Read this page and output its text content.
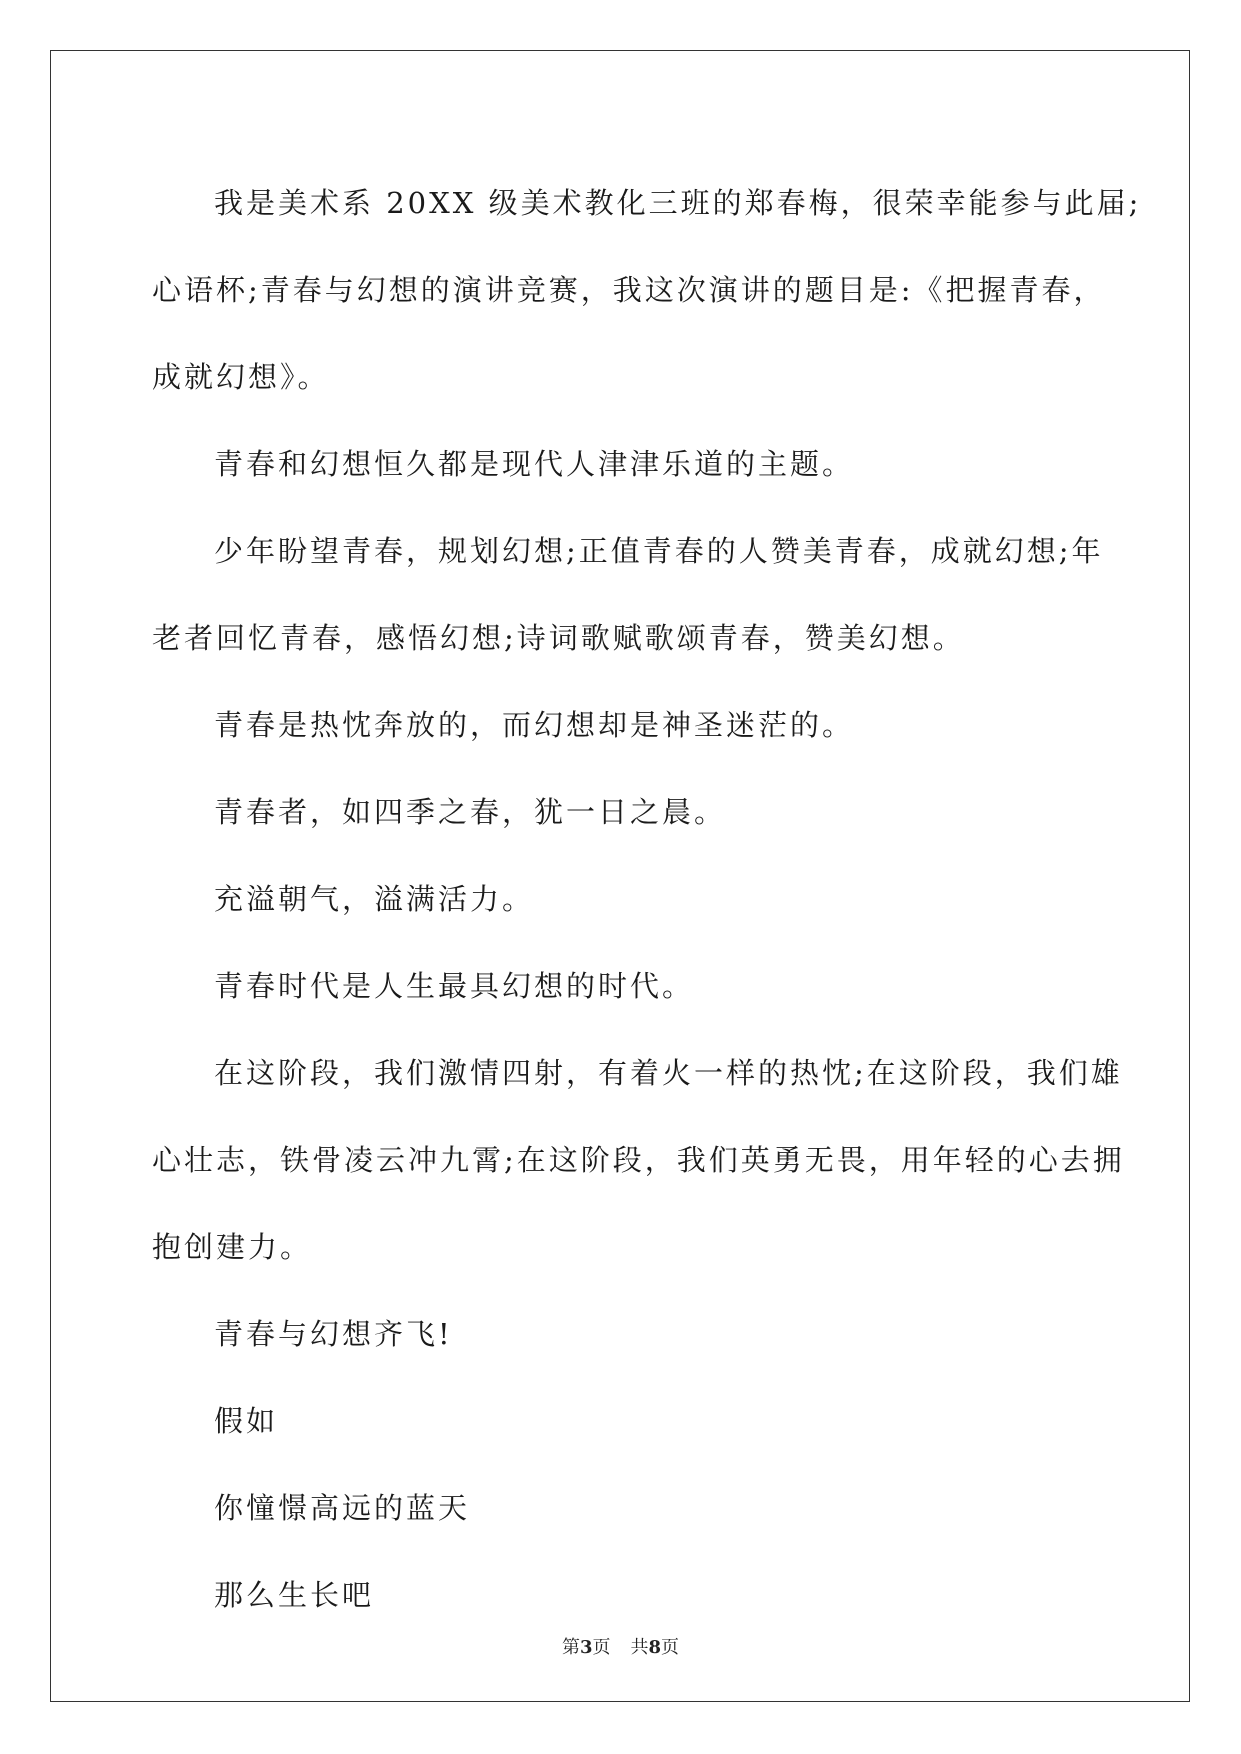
我是美术系 20XX 级美术教化三班的郑春梅，很荣幸能参与此届;
心语杯;青春与幻想的演讲竞赛，我这次演讲的题目是:《把握青春，
成就幻想》。
青春和幻想恒久都是现代人津津乐道的主题。
少年盼望青春，规划幻想;正值青春的人赞美青春，成就幻想;年
老者回忆青春，感悟幻想;诗词歌赋歌颂青春，赞美幻想。
青春是热忱奔放的，而幻想却是神圣迷茫的。
青春者，如四季之春，犹一日之晨。
充溢朝气，溢满活力。
青春时代是人生最具幻想的时代。
在这阶段，我们激情四射，有着火一样的热忱;在这阶段，我们雄
心壮志，铁骨凌云冲九霄;在这阶段，我们英勇无畏，用年轻的心去拥
抱创建力。
青春与幻想齐飞!
假如
你憧憬高远的蓝天
那么生长吧
第3页 共8页
